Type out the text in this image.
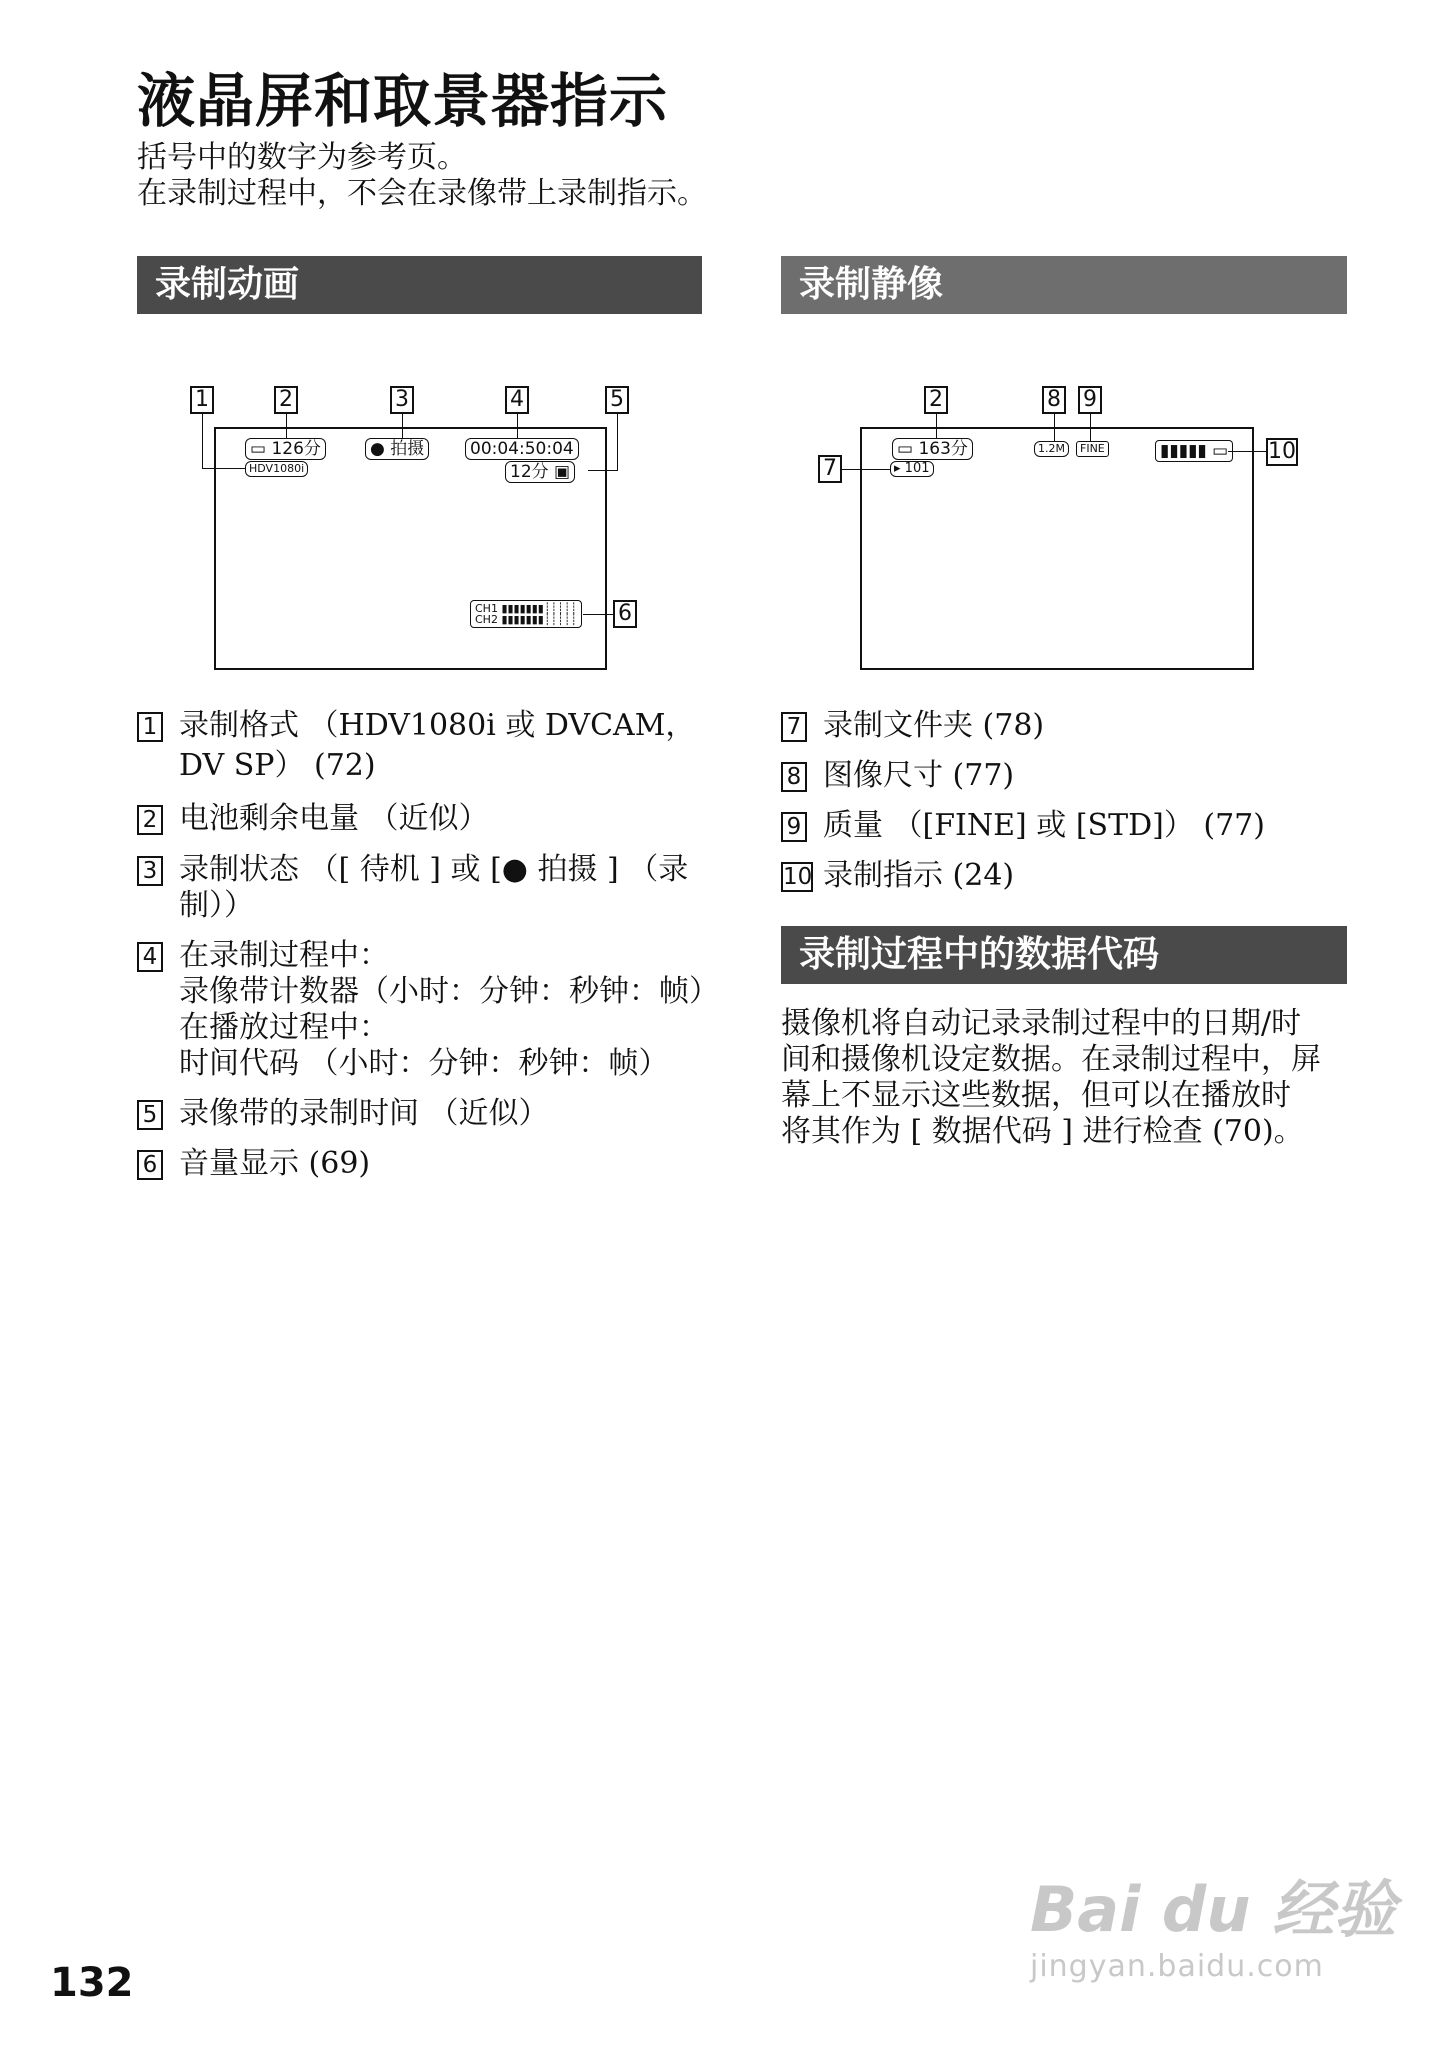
液晶屏和取景器指示
括号中的数字为参考页。
在录制过程中，不会在录像带上录制指示。
录制动画	录制静像
1	2	3	4	5
▭ 126分
HDV1080i
● 拍摄	00:04:50:04
12分 ▣
CH1 ▮▮▮▮▮▮▮┊┊┊┊┊
CH2 ▮▮▮▮▮▮▮┊┊┊┊┊ 6
2	8 9
▭ 163分	1.2M	FINE	▮▮▮▮▮ ▭ 10
7	▸ 101
1 录制格式 （HDV1080i 或 DVCAM，
DV SP） (72)
2 电池剩余电量 （近似）
3 录制状态 （[ 待机 ] 或 [● 拍摄 ] （录
制））
4 在录制过程中：
录像带计数器（小时：分钟：秒钟：帧）
在播放过程中：
时间代码 （小时：分钟：秒钟：帧）
5 录像带的录制时间 （近似）
6 音量显示 (69)
7 录制文件夹 (78)
8 图像尺寸 (77)
9 质量 （[FINE] 或 [STD]） (77)
10 录制指示 (24)
录制过程中的数据代码
摄像机将自动记录录制过程中的日期/时
间和摄像机设定数据。在录制过程中，屏
幕上不显示这些数据，但可以在播放时
将其作为 [ 数据代码 ] 进行检查 (70)。
132
Bai du 经验
jingyan.baidu.com
